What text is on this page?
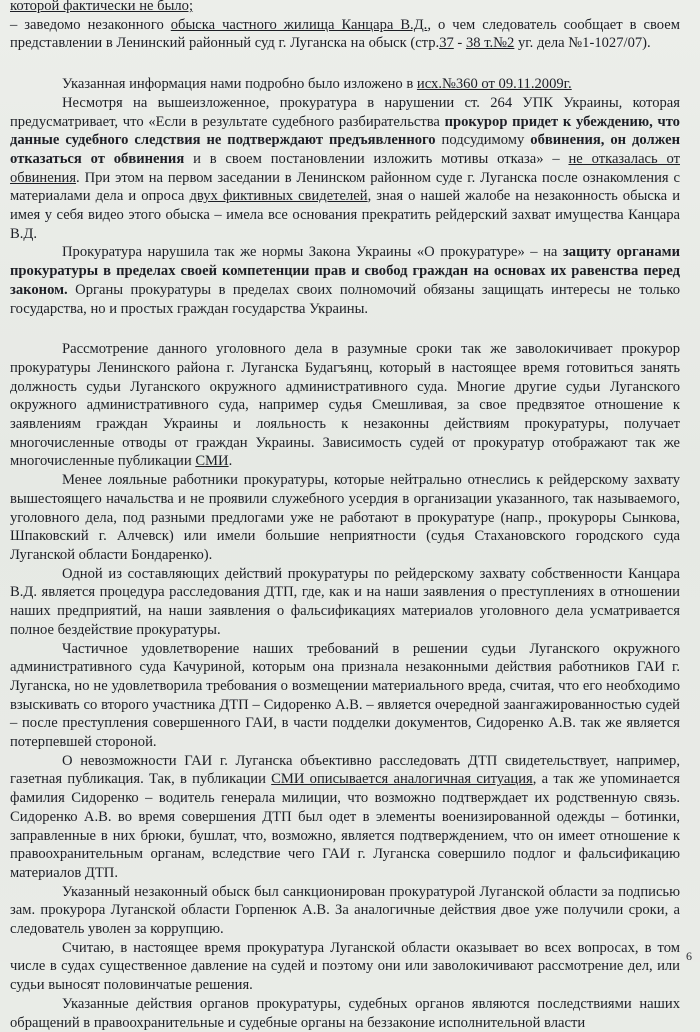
которой фактически не было;
– заведомо незаконного обыска частного жилища Канцара В.Д., о чем следователь сообщает в своем представлении в Ленинский районный суд г. Луганска на обыск (стр.37 - 38 т.№2 уг. дела №1-1027/07).

Указанная информация нами подробно было изложено в исх.№360 от 09.11.2009г.

Несмотря на вышеизложенное, прокуратура в нарушении ст. 264 УПК Украины, которая предусматривает, что «Если в результате судебного разбирательства прокурор придет к убеждению, что данные судебного следствия не подтверждают предъявленного подсудимому обвинения, он должен отказаться от обвинения и в своем постановлении изложить мотивы отказа» – не отказалась от обвинения. При этом на первом заседании в Ленинском районном суде г. Луганска после ознакомления с материалами дела и опроса двух фиктивных свидетелей, зная о нашей жалобе на незаконность обыска и имея у себя видео этого обыска – имела все основания прекратить рейдерский захват имущества Канцара В.Д.

Прокуратура нарушила так же нормы Закона Украины «О прокуратуре» – на защиту органами прокуратуры в пределах своей компетенции прав и свобод граждан на основах их равенства перед законом. Органы прокуратуры в пределах своих полномочий обязаны защищать интересы не только государства, но и простых граждан государства Украины.

Рассмотрение данного уголовного дела в разумные сроки так же заволокичивает прокурор прокуратуры Ленинского района г. Луганска Будагъянц, который в настоящее время готовиться занять должность судьи Луганского окружного административного суда. Многие другие судьи Луганского окружного административного суда, например судья Смешливая, за свое предвзятое отношение к заявлениям граждан Украины и лояльность к незаконны действиям прокуратуры, получает многочисленные отводы от граждан Украины. Зависимость судей от прокуратур отображают так же многочисленные публикации СМИ.

Менее лояльные работники прокуратуры, которые нейтрально отнеслись к рейдерскому захвату вышестоящего начальства и не проявили служебного усердия в организации указанного, так называемого, уголовного дела, под разными предлогами уже не работают в прокуратуре (напр., прокуроры Сынкова, Шпаковский г. Алчевск) или имели большие неприятности (судья Стахановского городского суда Луганской области Бондаренко).

Одной из составляющих действий прокуратуры по рейдерскому захвату собственности Канцара В.Д. является процедура расследования ДТП, где, как и на наши заявления о преступлениях в отношении наших предприятий, на наши заявления о фальсификациях материалов уголовного дела усматривается полное бездействие прокуратуры.

Частичное удовлетворение наших требований в решении судьи Луганского окружного административного суда Качуриной, которым она признала незаконными действия работников ГАИ г. Луганска, но не удовлетворила требования о возмещении материального вреда, считая, что его необходимо взыскивать со второго участника ДТП – Сидоренко А.В. – является очередной заангажированностью судей – после преступления совершенного ГАИ, в части подделки документов, Сидоренко А.В. так же является потерпевшей стороной.

О невозможности ГАИ г. Луганска объективно расследовать ДТП свидетельствует, например, газетная публикация. Так, в публикации СМИ описывается аналогичная ситуация, а так же упоминается фамилия Сидоренко – водитель генерала милиции, что возможно подтверждает их родственную связь. Сидоренко А.В. во время совершения ДТП был одет в элементы военизированной одежды – ботинки, заправленные в них брюки, бушлат, что, возможно, является подтверждением, что он имеет отношение к правоохранительным органам, вследствие чего ГАИ г. Луганска совершило подлог и фальсификацию материалов ДТП.

Указанный незаконный обыск был санкционирован прокуратурой Луганской области за подписью зам. прокурора Луганской области Горпенюк А.В. За аналогичные действия двое уже получили сроки, а следователь уволен за коррупцию.

Считаю, в настоящее время прокуратура Луганской области оказывает во всех вопросах, в том числе в судах существенное давление на судей и поэтому они или заволокичивают рассмотрение дел, или судьи выносят половинчатые решения.

Указанные действия органов прокуратуры, судебных органов являются последствиями наших обращений в правоохранительные и судебные органы на беззаконие исполнительной власти

6
